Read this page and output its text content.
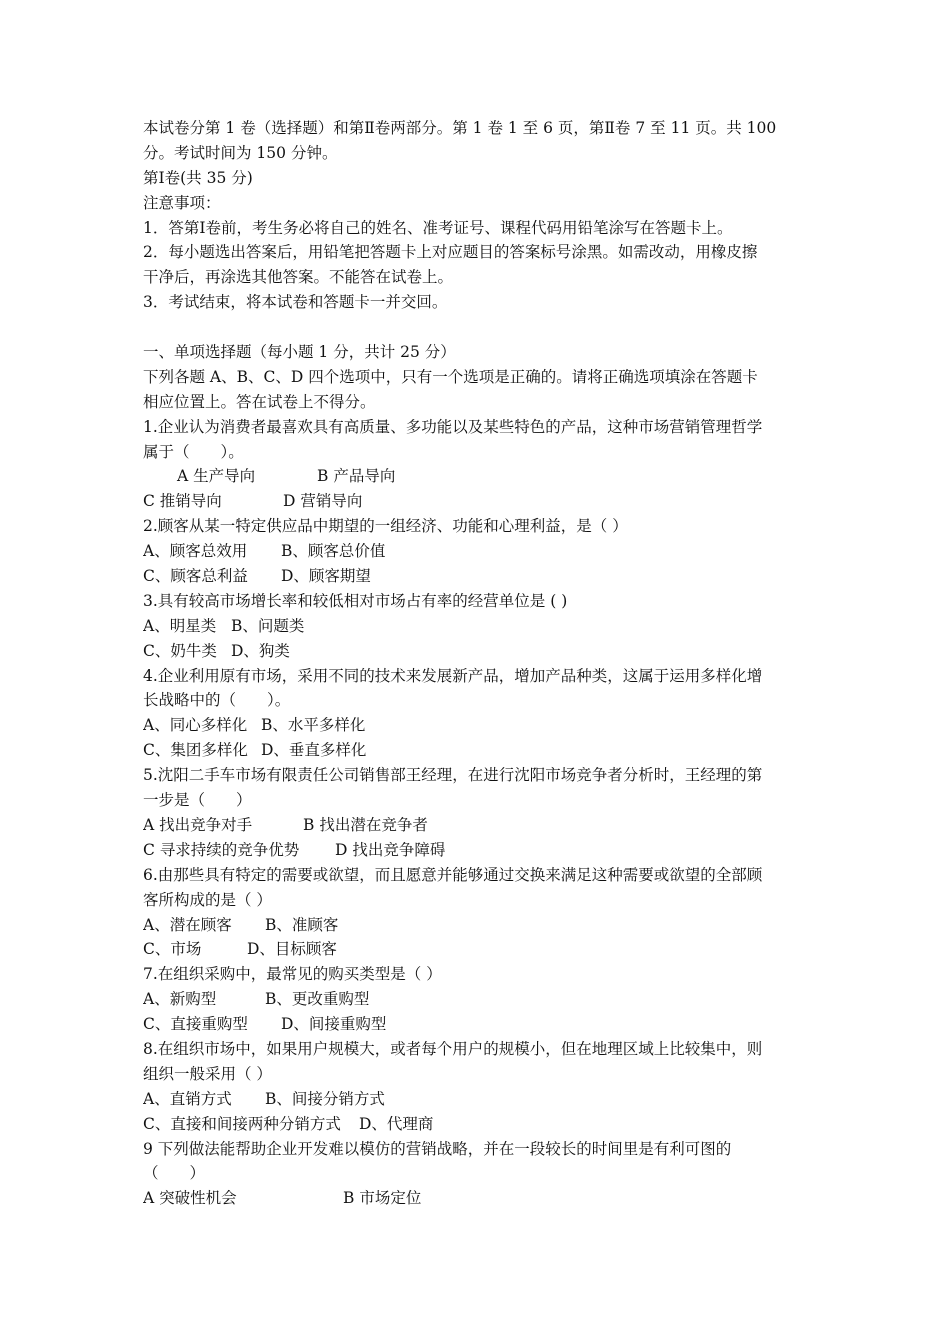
本试卷分第 1 卷（选择题）和第Ⅱ卷两部分。第 1 卷 1 至 6 页，第Ⅱ卷 7 至 11 页。共 100
分。考试时间为 150 分钟。
第Ⅰ卷(共 35 分)
注意事项：
1．答第Ⅰ卷前，考生务必将自己的姓名、准考证号、课程代码用铅笔涂写在答题卡上。
2．每小题选出答案后，用铅笔把答题卡上对应题目的答案标号涂黑。如需改动，用橡皮擦
干净后，再涂选其他答案。不能答在试卷上。
3．考试结束，将本试卷和答题卡一并交回。
一、单项选择题（每小题 1 分，共计 25 分）
下列各题 A、B、C、D 四个选项中，只有一个选项是正确的。请将正确选项填涂在答题卡
相应位置上。答在试卷上不得分。
1.企业认为消费者最喜欢具有高质量、多功能以及某些特色的产品，这种市场营销管理哲学
属于（　　）。
A 生产导向	B 产品导向
C 推销导向	D 营销导向
2.顾客从某一特定供应品中期望的一组经济、功能和心理利益，是（ ）
A、顾客总效用 B、顾客总价值
C、顾客总利益 D、顾客期望
3.具有较高市场增长率和较低相对市场占有率的经营单位是 ( )
A、明星类 B、问题类
C、奶牛类 D、狗类
4.企业利用原有市场，采用不同的技术来发展新产品，增加产品种类，这属于运用多样化增
长战略中的（　　）。
A、同心多样化 B、水平多样化
C、集团多样化 D、垂直多样化
5.沈阳二手车市场有限责任公司销售部王经理，在进行沈阳市场竞争者分析时，王经理的第
一步是（　　）
A 找出竞争对手	B 找出潜在竞争者
C 寻求持续的竞争优势 D 找出竞争障碍
6.由那些具有特定的需要或欲望，而且愿意并能够通过交换来满足这种需要或欲望的全部顾
客所构成的是（ ）
A、潜在顾客 B、准顾客
C、市场	D、目标顾客
7.在组织采购中，最常见的购买类型是（ ）
A、新购型	B、更改重购型
C、直接重购型 D、间接重购型
8.在组织市场中，如果用户规模大，或者每个用户的规模小，但在地理区域上比较集中，则
组织一般采用（ ）
A、直销方式 B、间接分销方式
C、直接和间接两种分销方式 D、代理商
9 下列做法能帮助企业开发难以模仿的营销战略，并在一段较长的时间里是有利可图的
（　　）
A 突破性机会	B 市场定位
